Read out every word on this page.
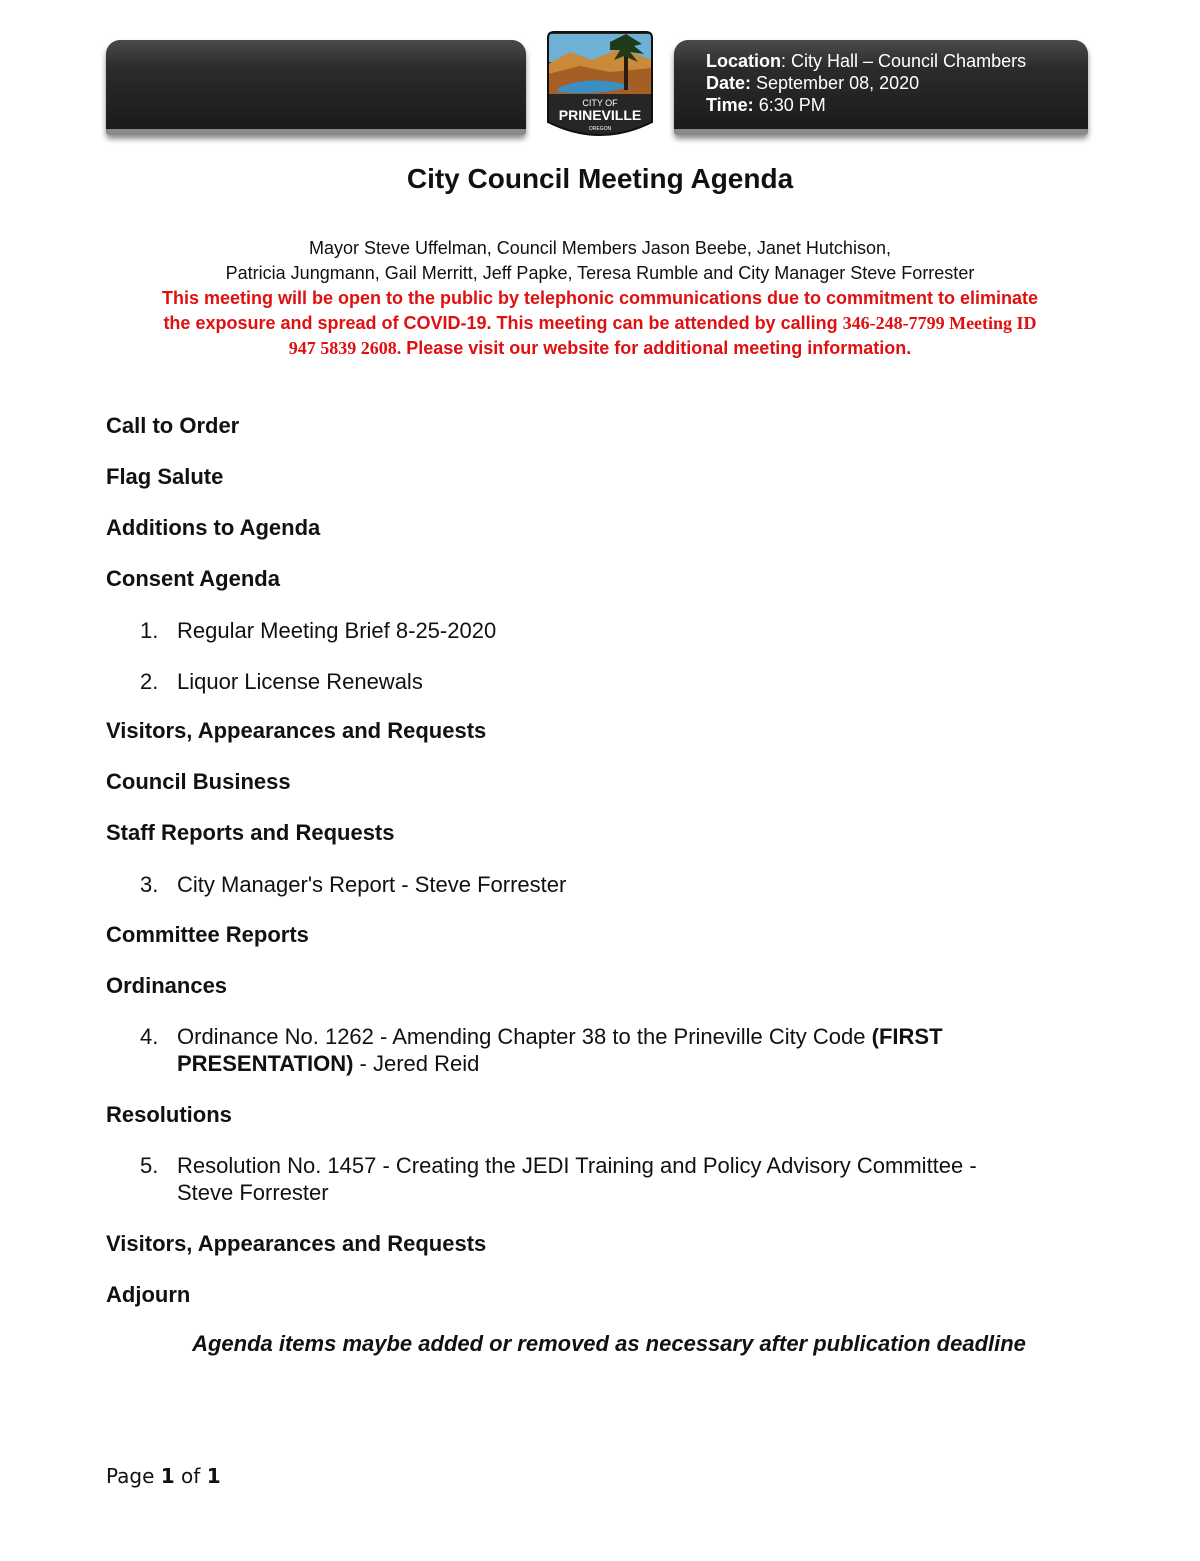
Location: City Hall – Council Chambers
Date: September 08, 2020
Time: 6:30 PM
CITY OF
PRINEVILLE
OREGON
City Council Meeting Agenda
Mayor Steve Uffelman, Council Members Jason Beebe, Janet Hutchison,
Patricia Jungmann, Gail Merritt, Jeff Papke, Teresa Rumble and City Manager Steve Forrester
This meeting will be open to the public by telephonic communications due to commitment to eliminate
the exposure and spread of COVID-19. This meeting can be attended by calling 346-248-7799 Meeting ID
947 5839 2608. Please visit our website for additional meeting information.
Call to Order
Flag Salute
Additions to Agenda
Consent Agenda
1. Regular Meeting Brief 8-25-2020
2. Liquor License Renewals
Visitors, Appearances and Requests
Council Business
Staff Reports and Requests
3. City Manager's Report - Steve Forrester
Committee Reports
Ordinances
4. Ordinance No. 1262 - Amending Chapter 38 to the Prineville City Code (FIRST
PRESENTATION) - Jered Reid
Resolutions
5. Resolution No. 1457 - Creating the JEDI Training and Policy Advisory Committee -
Steve Forrester
Visitors, Appearances and Requests
Adjourn
Agenda items maybe added or removed as necessary after publication deadline
Page 1 of 1
